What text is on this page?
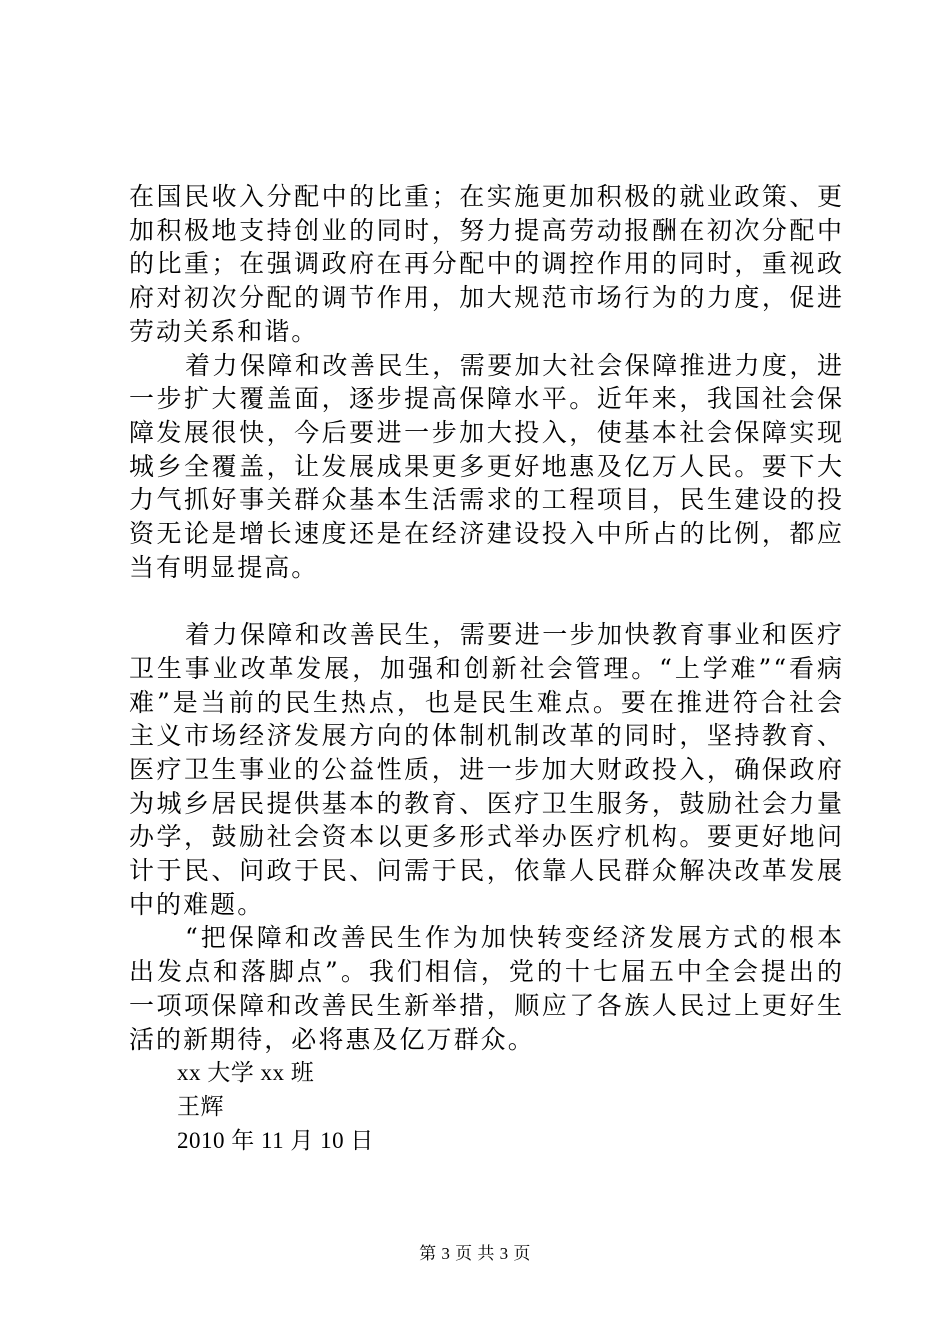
在国民收入分配中的比重；在实施更加积极的就业政策、更加积极地支持创业的同时，努力提高劳动报酬在初次分配中的比重；在强调政府在再分配中的调控作用的同时，重视政府对初次分配的调节作用，加大规范市场行为的力度，促进劳动关系和谐。

着力保障和改善民生，需要加大社会保障推进力度，进一步扩大覆盖面，逐步提高保障水平。近年来，我国社会保障发展很快，今后要进一步加大投入，使基本社会保障实现城乡全覆盖，让发展成果更多更好地惠及亿万人民。要下大力气抓好事关群众基本生活需求的工程项目，民生建设的投资无论是增长速度还是在经济建设投入中所占的比例，都应当有明显提高。

着力保障和改善民生，需要进一步加快教育事业和医疗卫生事业改革发展，加强和创新社会管理。“上学难”“看病难”是当前的民生热点，也是民生难点。要在推进符合社会主义市场经济发展方向的体制机制改革的同时，坚持教育、医疗卫生事业的公益性质，进一步加大财政投入，确保政府为城乡居民提供基本的教育、医疗卫生服务，鼓励社会力量办学，鼓励社会资本以更多形式举办医疗机构。要更好地问计于民、问政于民、问需于民，依靠人民群众解决改革发展中的难题。

“把保障和改善民生作为加快转变经济发展方式的根本出发点和落脚点”。我们相信，党的十七届五中全会提出的一项项保障和改善民生新举措，顺应了各族人民过上更好生活的新期待，必将惠及亿万群众。

xx 大学 xx 班

王辉

2010 年 11 月 10 日

第 3 页 共 3 页
